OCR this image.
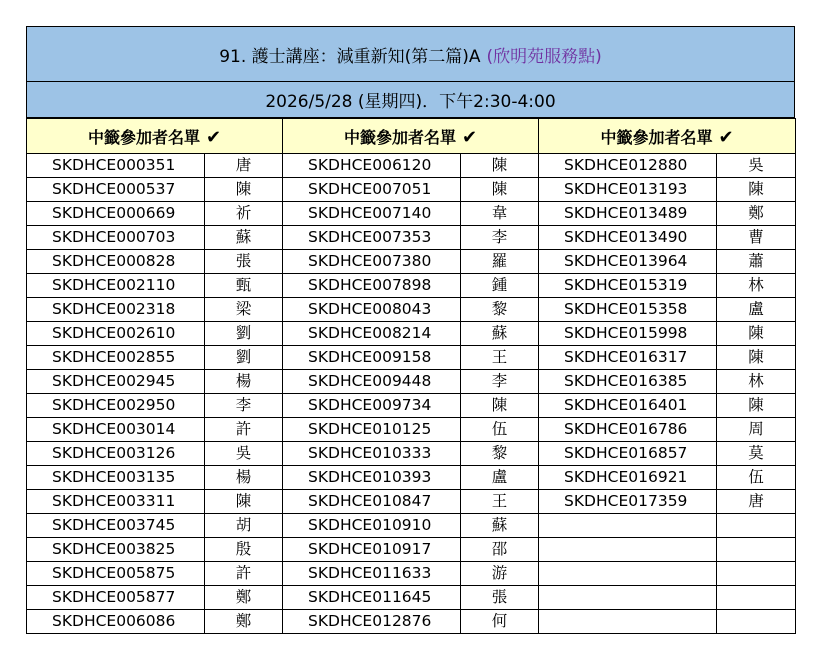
91. 護士講座：減重新知(第二篇)A (欣明苑服務點)
2026/5/28 (星期四)．下午2:30-4:00
中籤參加者名單 ✔		中籤參加者名單 ✔		中籤參加者名單 ✔	
SKDHCE000351	唐	SKDHCE006120	陳	SKDHCE012880	吳
SKDHCE000537	陳	SKDHCE007051	陳	SKDHCE013193	陳
SKDHCE000669	祈	SKDHCE007140	韋	SKDHCE013489	鄭
SKDHCE000703	蘇	SKDHCE007353	李	SKDHCE013490	曹
SKDHCE000828	張	SKDHCE007380	羅	SKDHCE013964	蕭
SKDHCE002110	甄	SKDHCE007898	鍾	SKDHCE015319	林
SKDHCE002318	梁	SKDHCE008043	黎	SKDHCE015358	盧
SKDHCE002610	劉	SKDHCE008214	蘇	SKDHCE015998	陳
SKDHCE002855	劉	SKDHCE009158	王	SKDHCE016317	陳
SKDHCE002945	楊	SKDHCE009448	李	SKDHCE016385	林
SKDHCE002950	李	SKDHCE009734	陳	SKDHCE016401	陳
SKDHCE003014	許	SKDHCE010125	伍	SKDHCE016786	周
SKDHCE003126	吳	SKDHCE010333	黎	SKDHCE016857	莫
SKDHCE003135	楊	SKDHCE010393	盧	SKDHCE016921	伍
SKDHCE003311	陳	SKDHCE010847	王	SKDHCE017359	唐
SKDHCE003745	胡	SKDHCE010910	蘇		
SKDHCE003825	殷	SKDHCE010917	邵		
SKDHCE005875	許	SKDHCE011633	游		
SKDHCE005877	鄭	SKDHCE011645	張		
SKDHCE006086	鄭	SKDHCE012876	何		
